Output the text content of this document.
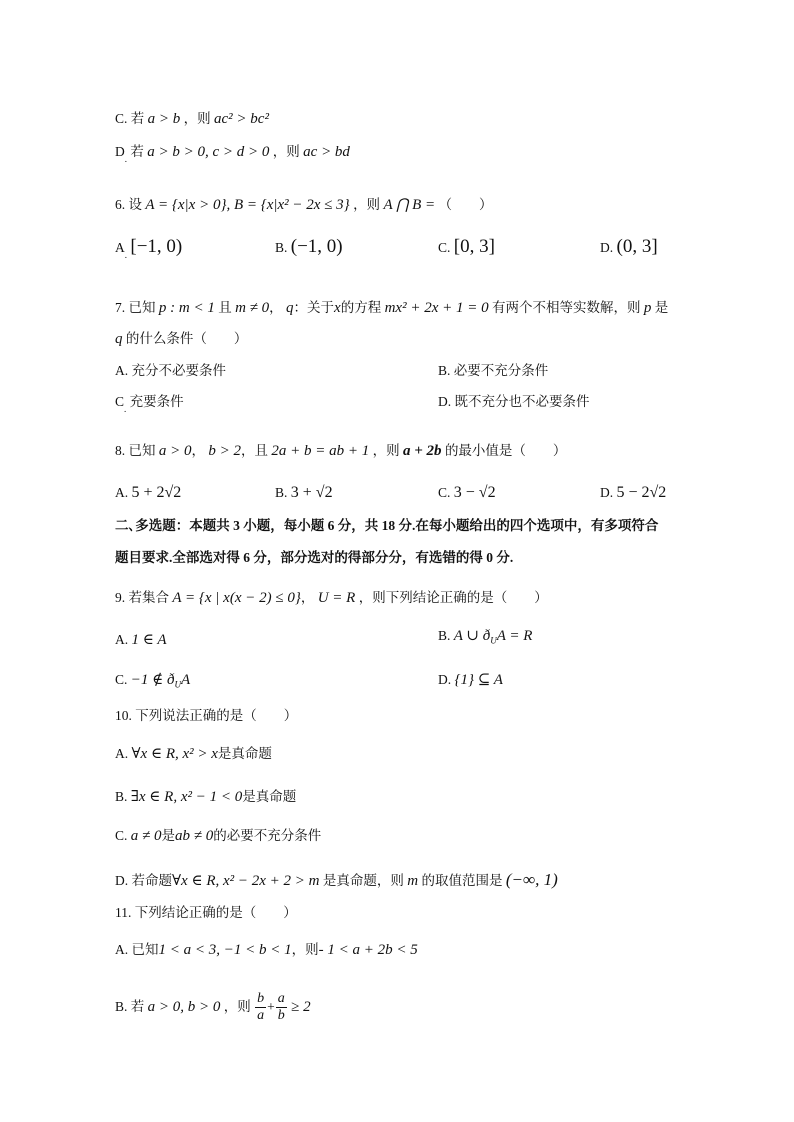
C. 若 a > b ，则 ac² > bc²
$D_.$ 若 a > b > 0, c > d > 0 ，则 ac > bd
6. 设 A = {x|x > 0}, B = {x|x² − 2x ≤ 3} ，则 A ⋂ B = （　　）
$A_.$ [−1, 0)	B. (−1, 0)	C. [0, 3]	D. (0, 3]
7. 已知 p : m < 1 且 m ≠ 0， q：关于x的方程 mx² + 2x + 1 = 0 有两个不相等实数解，则 p 是
q 的什么条件（　　）
A. 充分不必要条件	B. 必要不充分条件
$C_.$ 充要条件	D. 既不充分也不必要条件
8. 已知 a > 0， b > 2，且 2a + b = ab + 1 ，则 a + 2b 的最小值是（　　）
A. 5 + 2√2	B. 3 + √2	C. 3 − √2	D. 5 − 2√2
二､多选题：本题共 3 小题，每小题 6 分，共 18 分.在每小题给出的四个选项中，有多项符合
题目要求.全部选对得 6 分，部分选对的得部分分，有选错的得 0 分.
9. 若集合 A = {x | x(x − 2) ≤ 0}， U = R ，则下列结论正确的是（　　）
A. 1 ∈ A	B. A ∪ $ð_UA = R$
C. −1 ∉ $ð_UA$	D. {1} ⊆ A
10. 下列说法正确的是（　　）
A. ∀x ∈ R, x² > x是真命题
B. ∃x ∈ R, x² − 1 < 0是真命题
C. a ≠ 0是ab ≠ 0的必要不充分条件
D. 若命题∀x ∈ R, x² − 2x + 2 > m 是真命题，则 m 的取值范围是 (−∞, 1)
11. 下列结论正确的是（　　）
A. 已知1 < a < 3, −1 < b < 1，则- 1 < a + 2b < 5
B. 若 a > 0, b > 0 ，则 $\frac{b}{a} + \frac{a}{b} \ge 2$
